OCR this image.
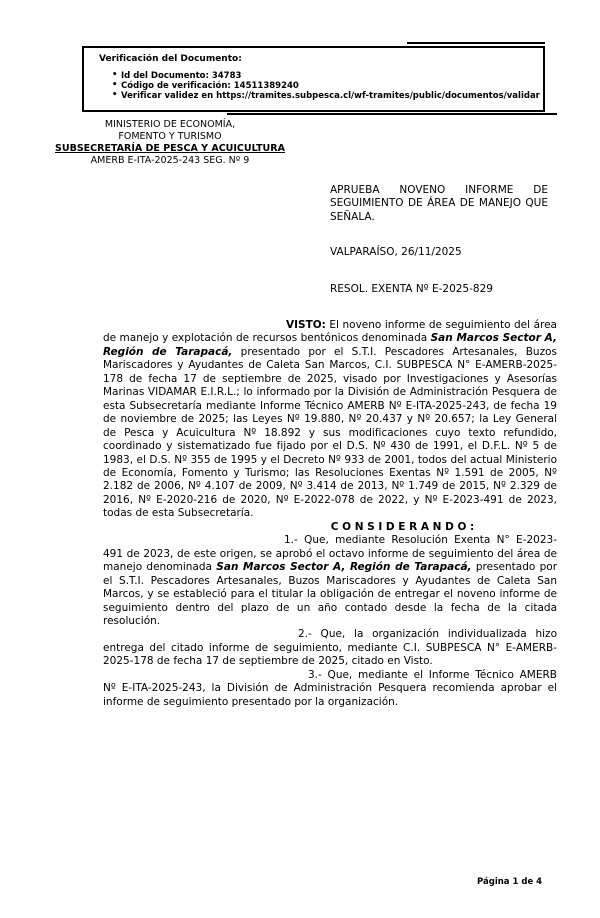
Verificación del Documento:
• Id del Documento: 34783
• Código de verificación: 14511389240
• Verificar validez en https://tramites.subpesca.cl/wf-tramites/public/documentos/validar
MINISTERIO DE ECONOMÍA,
FOMENTO Y TURISMO
SUBSECRETARÍA DE PESCA Y ACUICULTURA
AMERB E-ITA-2025-243 SEG. Nº 9
APRUEBA NOVENO INFORME DE SEGUIMIENTO DE ÁREA DE MANEJO QUE SEÑALA.
VALPARAÍSO, 26/11/2025
RESOL. EXENTA Nº E-2025-829

VISTO: El noveno informe de seguimiento del área de manejo y explotación de recursos bentónicos denominada San Marcos Sector A, Región de Tarapacá, presentado por el S.T.I. Pescadores Artesanales, Buzos Mariscadores y Ayudantes de Caleta San Marcos, C.I. SUBPESCA N° E-AMERB-2025-178 de fecha 17 de septiembre de 2025, visado por Investigaciones y Asesorías Marinas VIDAMAR E.I.R.L.; lo informado por la División de Administración Pesquera de esta Subsecretaría mediante Informe Técnico AMERB Nº E-ITA-2025-243, de fecha 19 de noviembre de 2025; las Leyes Nº 19.880, Nº 20.437 y Nº 20.657; la Ley General de Pesca y Acuicultura Nº 18.892 y sus modificaciones cuyo texto refundido, coordinado y sistematizado fue fijado por el D.S. Nº 430 de 1991, el D.F.L. Nº 5 de 1983, el D.S. Nº 355 de 1995 y el Decreto Nº 933 de 2001, todos del actual Ministerio de Economía, Fomento y Turismo; las Resoluciones Exentas Nº 1.591 de 2005, Nº 2.182 de 2006, Nº 4.107 de 2009, Nº 3.414 de 2013, Nº 1.749 de 2015, Nº 2.329 de 2016, Nº E-2020-216 de 2020, Nº E-2022-078 de 2022, y Nº E-2023-491 de 2023, todas de esta Subsecretaría.

C O N S I D E R A N D O :

1.- Que, mediante Resolución Exenta N° E-2023-491 de 2023, de este origen, se aprobó el octavo informe de seguimiento del área de manejo denominada San Marcos Sector A, Región de Tarapacá, presentado por el S.T.I. Pescadores Artesanales, Buzos Mariscadores y Ayudantes de Caleta San Marcos, y se estableció para el titular la obligación de entregar el noveno informe de seguimiento dentro del plazo de un año contado desde la fecha de la citada resolución.

2.- Que, la organización individualizada hizo entrega del citado informe de seguimiento, mediante C.I. SUBPESCA N° E-AMERB-2025-178 de fecha 17 de septiembre de 2025, citado en Visto.

3.- Que, mediante el Informe Técnico AMERB Nº E-ITA-2025-243, la División de Administración Pesquera recomienda aprobar el informe de seguimiento presentado por la organización.

Página 1 de 4
